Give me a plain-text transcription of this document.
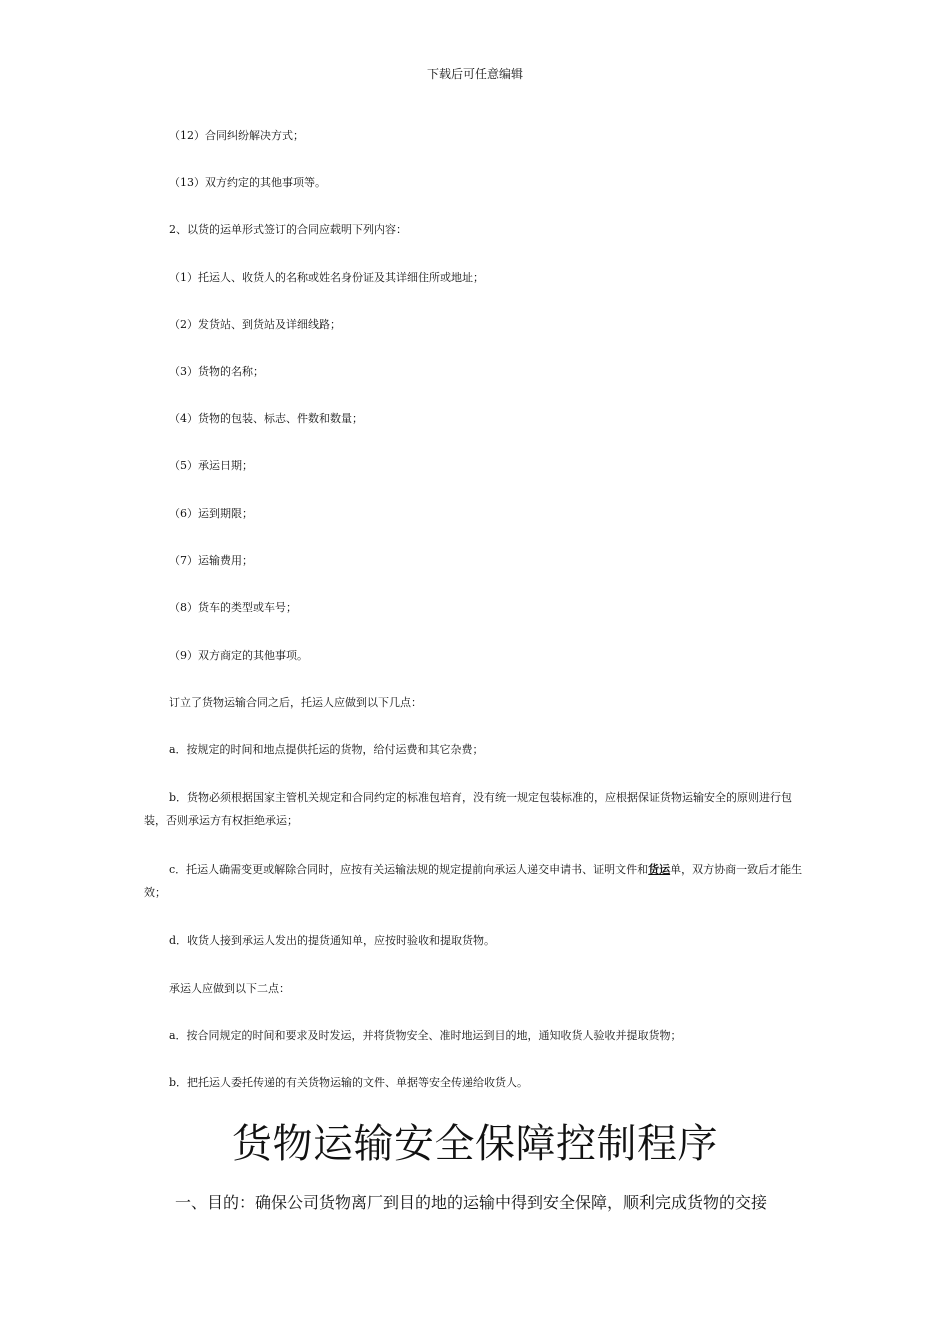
下载后可任意编辑
（12）合同纠纷解决方式；
（13）双方约定的其他事项等。
2、以货的运单形式签订的合同应载明下列内容：
（1）托运人、收货人的名称或姓名身份证及其详细住所或地址；
（2）发货站、到货站及详细线路；
（3）货物的名称；
（4）货物的包装、标志、件数和数量；
（5）承运日期；
（6）运到期限；
（7）运输费用；
（8）货车的类型或车号；
（9）双方商定的其他事项。
订立了货物运输合同之后，托运人应做到以下几点：
a．按规定的时间和地点提供托运的货物，给付运费和其它杂费；
b．货物必须根据国家主管机关规定和合同约定的标准包培育，没有统一规定包装标准的，应根据保证货物运输安全的原则进行包装，否则承运方有权拒绝承运；
c．托运人确需变更或解除合同时，应按有关运输法规的规定提前向承运人递交申请书、证明文件和货运单，双方协商一致后才能生效；
d．收货人接到承运人发出的提货通知单，应按时验收和提取货物。
承运人应做到以下二点：
a．按合同规定的时间和要求及时发运，并将货物安全、准时地运到目的地，通知收货人验收并提取货物；
b．把托运人委托传递的有关货物运输的文件、单据等安全传递给收货人。
货物运输安全保障控制程序
一、目的：确保公司货物离厂到目的地的运输中得到安全保障，顺利完成货物的交接
